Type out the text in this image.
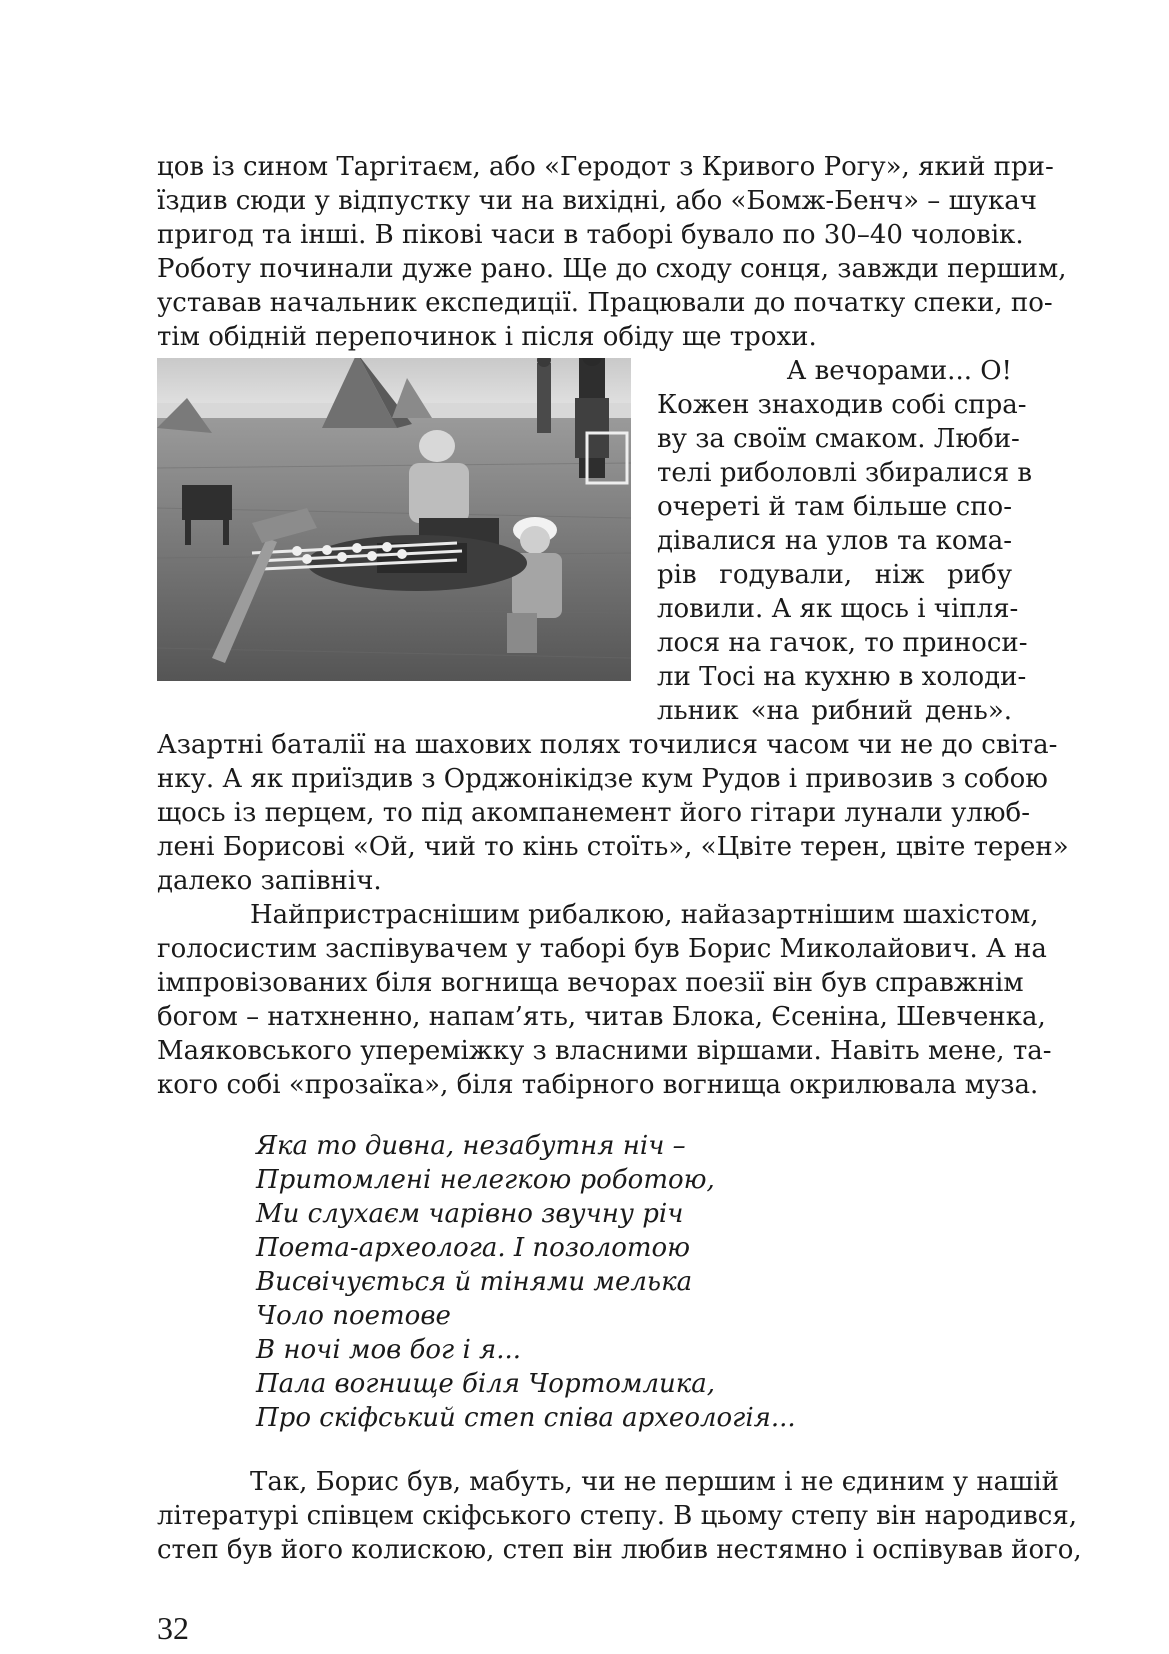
цов із сином Таргітаєм, або «Геродот з Кривого Рогу», який при-
їздив сюди у відпустку чи на вихідні, або «Бомж-Бенч» – шукач
пригод та інші. В пікові часи в таборі бувало по 30–40 чоловік.
Роботу починали дуже рано. Ще до сходу сонця, завжди першим,
уставав начальник експедиції. Працювали до початку спеки, по-
тім обідній перепочинок і після обіду ще трохи.
А вечорами... О!
Кожен знаходив собі спра-
ву за своїм смаком. Люби-
телі риболовлі збиралися в
очереті й там більше спо-
дівалися на улов та кома-
рів годували, ніж рибу
ловили. А як щось і чіпля-
лося на гачок, то приноси-
ли Тосі на кухню в холоди-
льник «на рибний день».
Азартні баталії на шахових полях точилися часом чи не до світа-
нку. А як приїздив з Орджонікідзе кум Рудов і привозив з собою
щось із перцем, то під акомпанемент його гітари лунали улюб-
лені Борисові «Ой, чий то кінь стоїть», «Цвіте терен, цвіте терен»
далеко запівніч.
Найпристраснішим рибалкою, найазартнішим шахістом,
голосистим заспівувачем у таборі був Борис Миколайович. А на
імпровізованих біля вогнища вечорах поезії він був справжнім
богом – натхненно, напам’ять, читав Блока, Єсеніна, Шевченка,
Маяковського упереміжку з власними віршами. Навіть мене, та-
кого собі «прозаїка», біля табірного вогнища окрилювала муза.
Яка то дивна, незабутня ніч –
Притомлені нелегкою роботою,
Ми слухаєм чарівно звучну річ
Поета-археолога. І позолотою
Висвічується й тінями мелька
Чоло поетове
В ночі мов бог і я...
Пала вогнище біля Чортомлика,
Про скіфський степ співа археологія...
Так, Борис був, мабуть, чи не першим і не єдиним у нашій
літературі співцем скіфського степу. В цьому степу він народився,
степ був його колискою, степ він любив нестямно і оспівував його,
32
